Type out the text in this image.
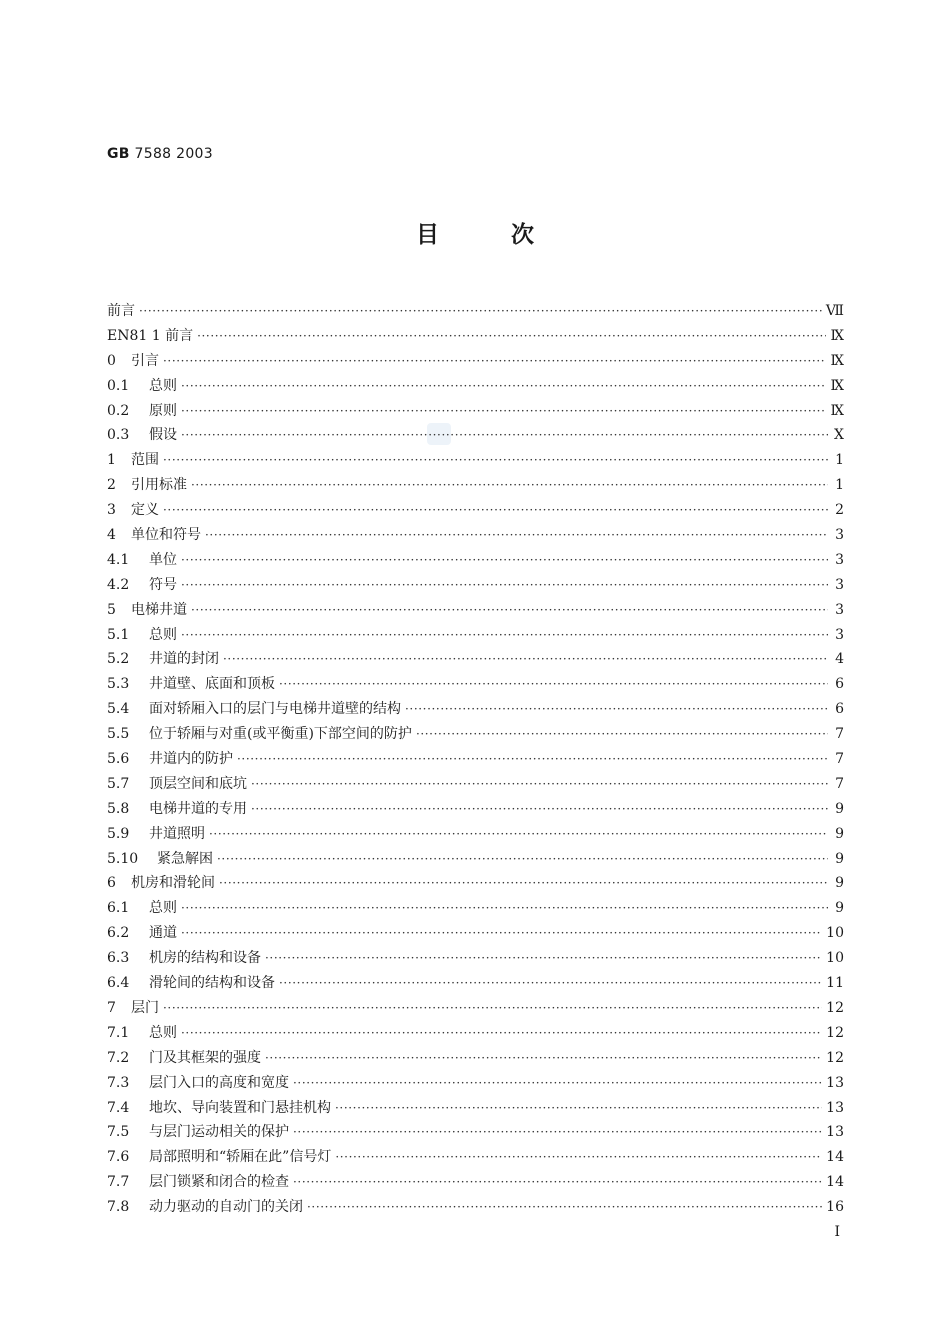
GB 7588 2003
目次
前言 ·····	Ⅶ
EN81 1 前言 ·····	Ⅸ
0	引言 ·····	Ⅸ
0.1	总则 ·····	Ⅸ
0.2	原则 ·····	Ⅸ
0.3	假设 ·····	Ⅹ
1	范围 ·····	1
2	引用标准 ·····	1
3	定义 ·····	2
4	单位和符号 ·····	3
4.1	单位 ·····	3
4.2	符号 ·····	3
5	电梯井道 ·····	3
5.1	总则 ·····	3
5.2	井道的封闭 ·····	4
5.3	井道壁、底面和顶板 ·····	6
5.4	面对轿厢入口的层门与电梯井道壁的结构 ·····	6
5.5	位于轿厢与对重(或平衡重)下部空间的防护 ·····	7
5.6	井道内的防护 ·····	7
5.7	顶层空间和底坑 ·····	7
5.8	电梯井道的专用 ·····	9
5.9	井道照明 ·····	9
5.10	紧急解困 ·····	9
6	机房和滑轮间 ·····	9
6.1	总则 ·····	9
6.2	通道 ·····	10
6.3	机房的结构和设备 ·····	10
6.4	滑轮间的结构和设备 ·····	11
7	层门 ·····	12
7.1	总则 ·····	12
7.2	门及其框架的强度 ·····	12
7.3	层门入口的高度和宽度 ·····	13
7.4	地坎、导向装置和门悬挂机构 ·····	13
7.5	与层门运动相关的保护 ·····	13
7.6	局部照明和“轿厢在此”信号灯 ·····	14
7.7	层门锁紧和闭合的检查 ·····	14
7.8	动力驱动的自动门的关闭 ·····	16
Ⅰ
